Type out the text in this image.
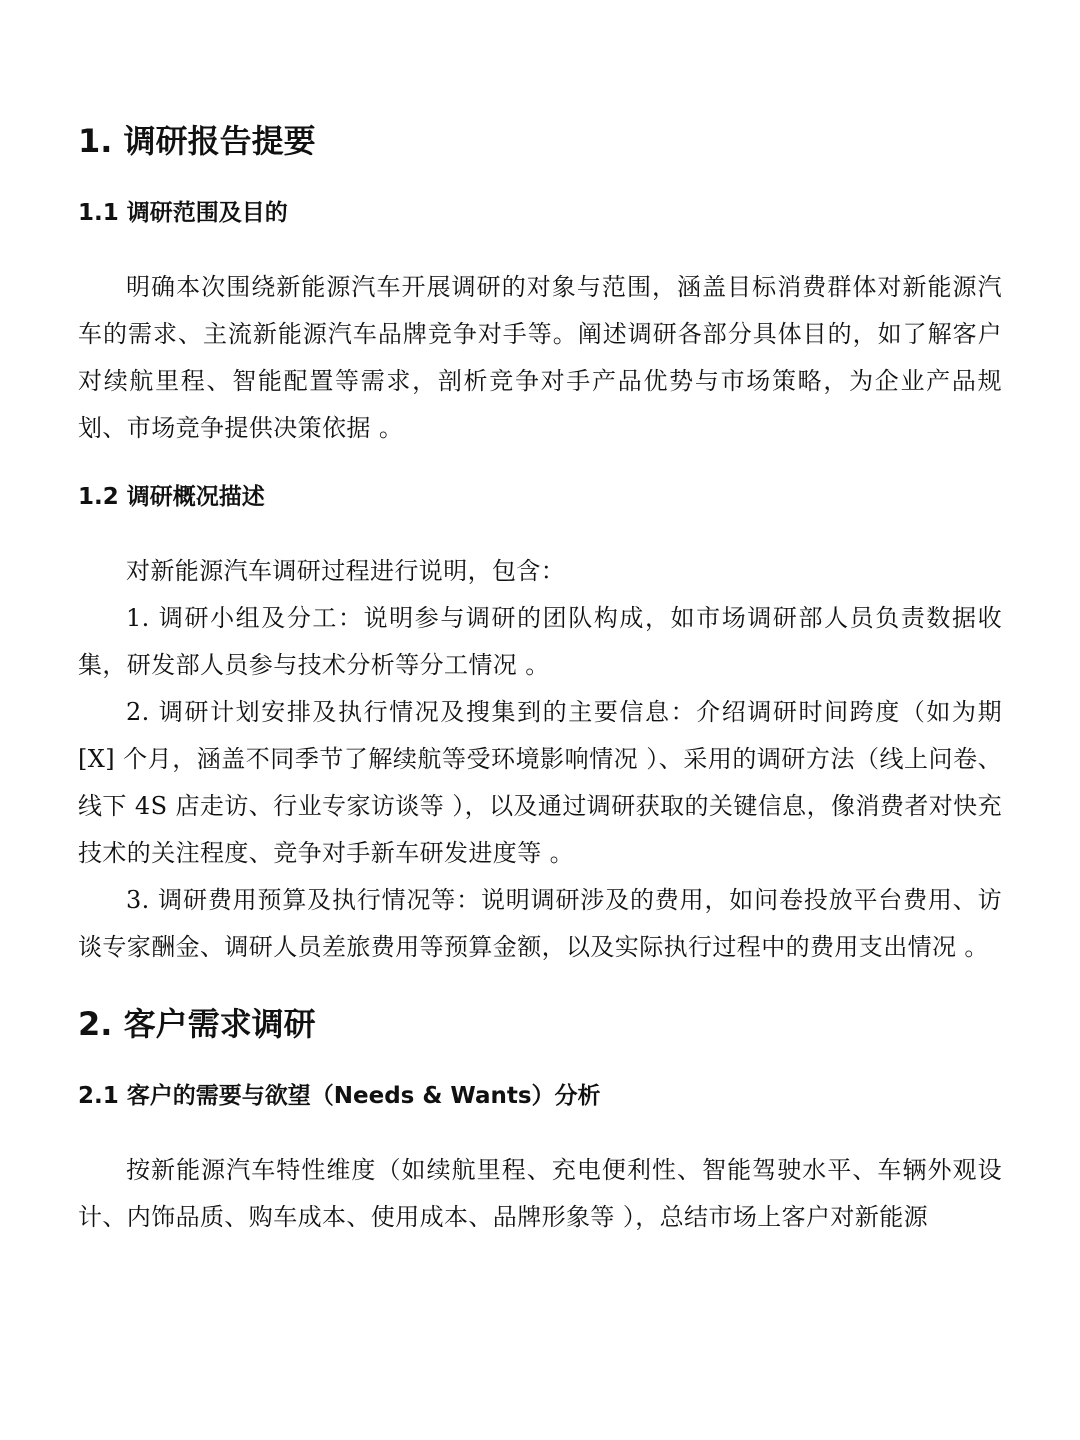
1. 调研报告提要
1.1 调研范围及目的

明确本次围绕新能源汽车开展调研的对象与范围，涵盖目标消费群体对新能源汽车的需求、主流新能源汽车品牌竞争对手等。阐述调研各部分具体目的，如了解客户对续航里程、智能配置等需求，剖析竞争对手产品优势与市场策略，为企业产品规划、市场竞争提供决策依据 。

1.2 调研概况描述

对新能源汽车调研过程进行说明，包含：

1. 调研小组及分工：说明参与调研的团队构成，如市场调研部人员负责数据收集，研发部人员参与技术分析等分工情况 。

2. 调研计划安排及执行情况及搜集到的主要信息：介绍调研时间跨度（如为期 [X] 个月，涵盖不同季节了解续航等受环境影响情况 ）、采用的调研方法（线上问卷、线下 4S 店走访、行业专家访谈等 ），以及通过调研获取的关键信息，像消费者对快充技术的关注程度、竞争对手新车研发进度等 。

3. 调研费用预算及执行情况等：说明调研涉及的费用，如问卷投放平台费用、访谈专家酬金、调研人员差旅费用等预算金额，以及实际执行过程中的费用支出情况 。

2. 客户需求调研
2.1 客户的需要与欲望（Needs & Wants）分析

按新能源汽车特性维度（如续航里程、充电便利性、智能驾驶水平、车辆外观设计、内饰品质、购车成本、使用成本、品牌形象等 ），总结市场上客户对新能源
